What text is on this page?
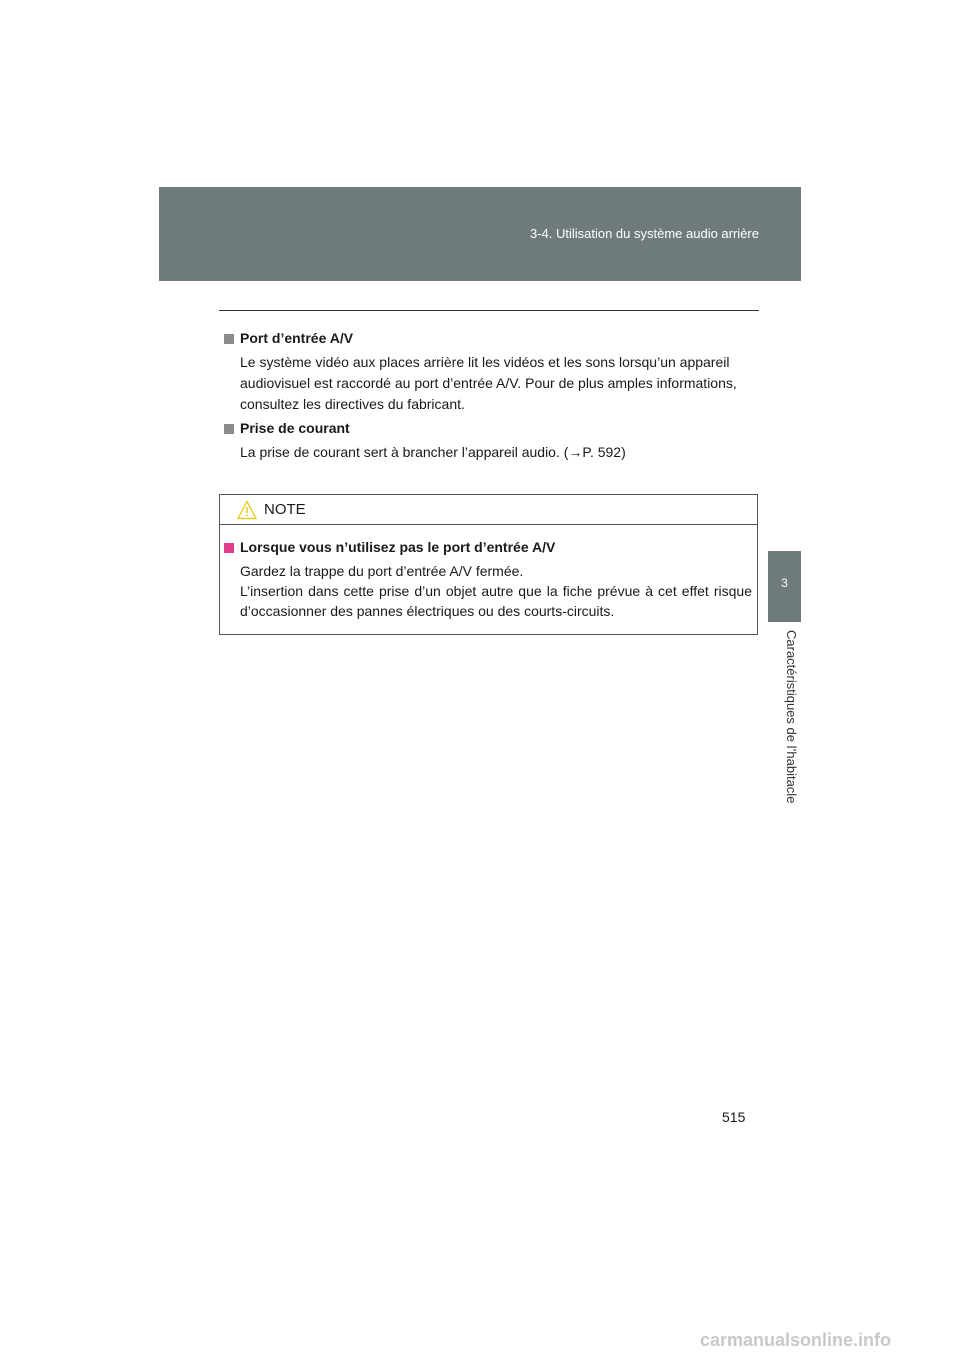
3-4. Utilisation du système audio arrière
3
Caractéristiques de l’habitacle
Port d’entrée A/V
Le système vidéo aux places arrière lit les vidéos et les sons lorsqu’un appareil audiovisuel est raccordé au port d’entrée A/V. Pour de plus amples informations, consultez les directives du fabricant.
Prise de courant
La prise de courant sert à brancher l’appareil audio. (→P. 592)
NOTE
Lorsque vous n’utilisez pas le port d’entrée A/V
Gardez la trappe du port d’entrée A/V fermée.
L’insertion dans cette prise d’un objet autre que la fiche prévue à cet effet risque d’occasionner des pannes électriques ou des courts-circuits.
515
carmanualsonline.info
